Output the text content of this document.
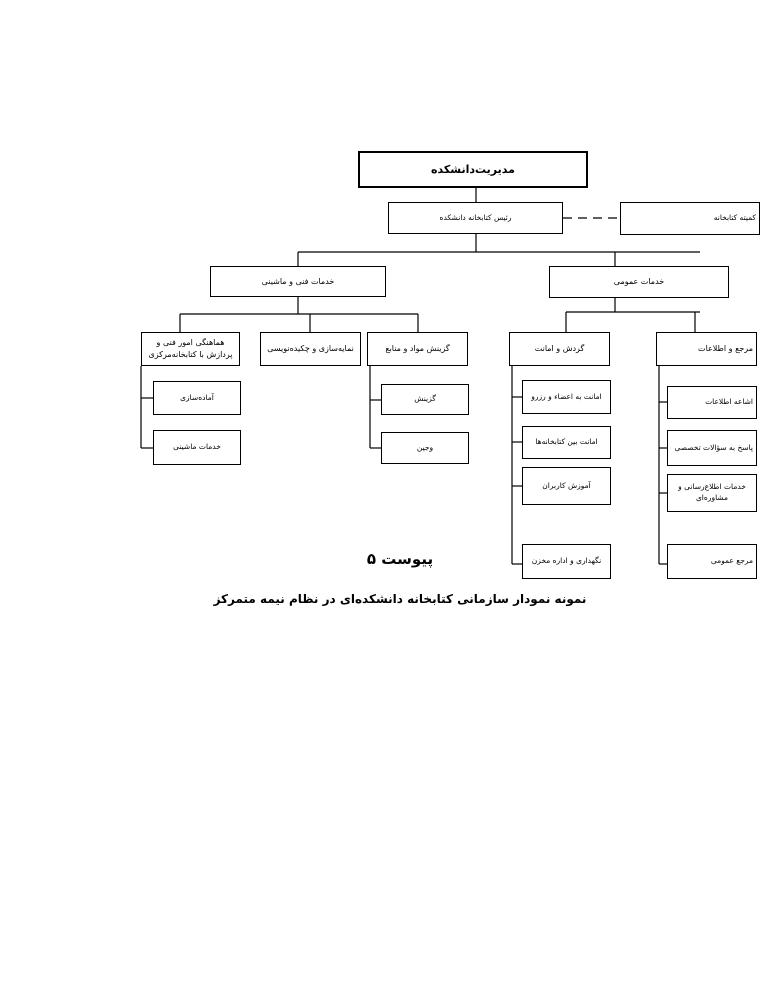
مدیریت‌دانشکده
رئیس کتابخانه دانشکده	کمیته کتابخانه
خدمات فنی و ماشینی	خدمات عمومی
گزینش مواد و منابع
نمایه‌سازی و چکیده‌نویسی
هماهنگی امور فنی و پردازش با کتابخانه‌مرکزی
گزینش
وجین
آماده‌سازی
خدمات ماشینی
گردش و امانت	مرجع و اطلاعات
امانت به اعضاء و رزرو
امانت بین کتابخانه‌ها
آموزش کاربران
نگهداری و اداره مخزن
اشاعه اطلاعات
پاسخ به سؤالات تخصصی
خدمات اطلاع‌رسانی و مشاوره‌ای
مرجع عمومی
پیوست ۵
نمونه نمودار سازمانی کتابخانه دانشکده‌ای در نظام نیمه متمرکز
